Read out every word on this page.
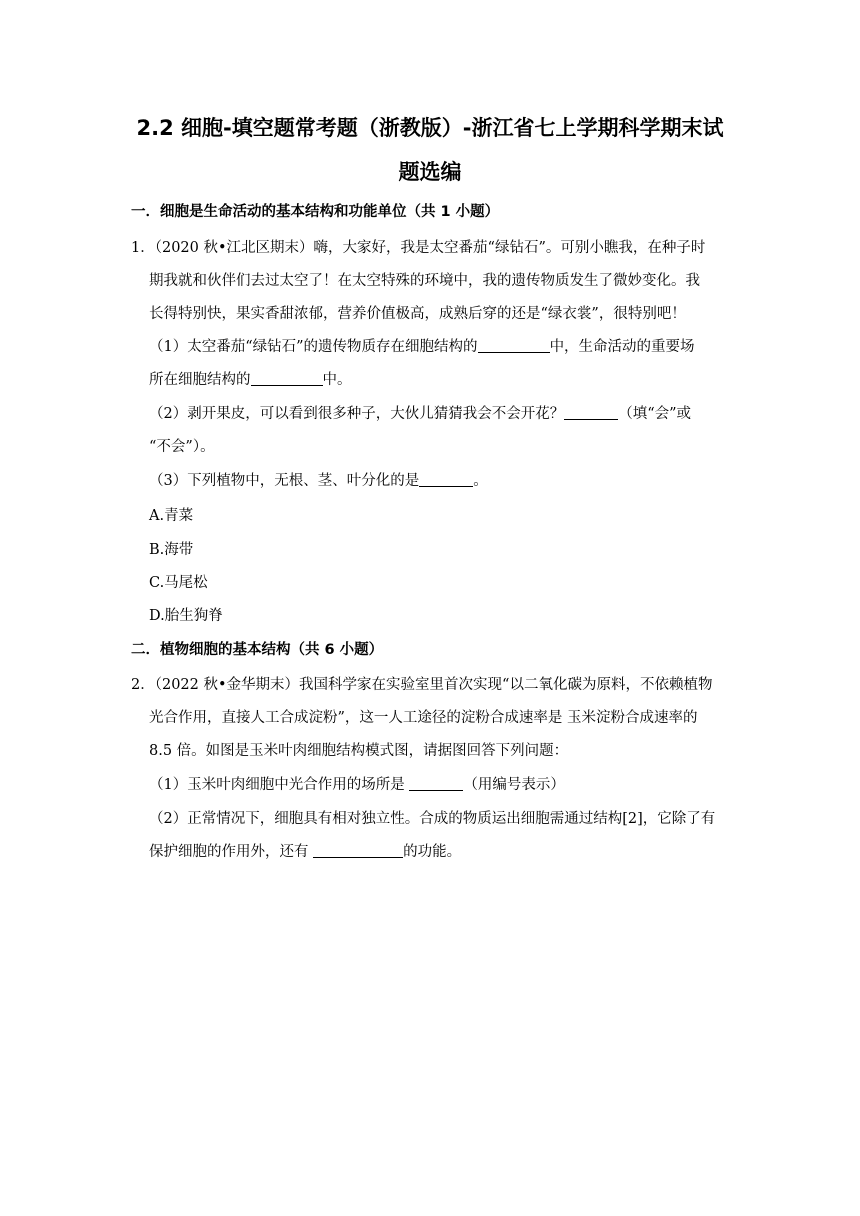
2.2 细胞-填空题常考题（浙教版）-浙江省七上学期科学期末试
题选编
一．细胞是生命活动的基本结构和功能单位（共 1 小题）
1．（2020 秋•江北区期末）嗨，大家好，我是太空番茄“绿钻石”。可别小瞧我，在种子时
期我就和伙伴们去过太空了！在太空特殊的环境中，我的遗传物质发生了微妙变化。我
长得特别快，果实香甜浓郁，营养价值极高，成熟后穿的还是“绿衣裳”，很特别吧！
（1）太空番茄“绿钻石”的遗传物质存在细胞结构的	中，生命活动的重要场
所在细胞结构的	中。
（2）剥开果皮，可以看到很多种子，大伙儿猜猜我会不会开花？	（填“会”或
“不会”）。
（3）下列植物中，无根、茎、叶分化的是	。
A.青菜
B.海带
C.马尾松
D.胎生狗脊
二．植物细胞的基本结构（共 6 小题）
2．（2022 秋•金华期末）我国科学家在实验室里首次实现“以二氧化碳为原料，不依赖植物
光合作用，直接人工合成淀粉”，这一人工途径的淀粉合成速率是 玉米淀粉合成速率的
8.5 倍。如图是玉米叶肉细胞结构模式图，请据图回答下列问题：
（1）玉米叶肉细胞中光合作用的场所是	（用编号表示）
（2）正常情况下，细胞具有相对独立性。合成的物质运出细胞需通过结构[2]，它除了有
保护细胞的作用外，还有	的功能。
